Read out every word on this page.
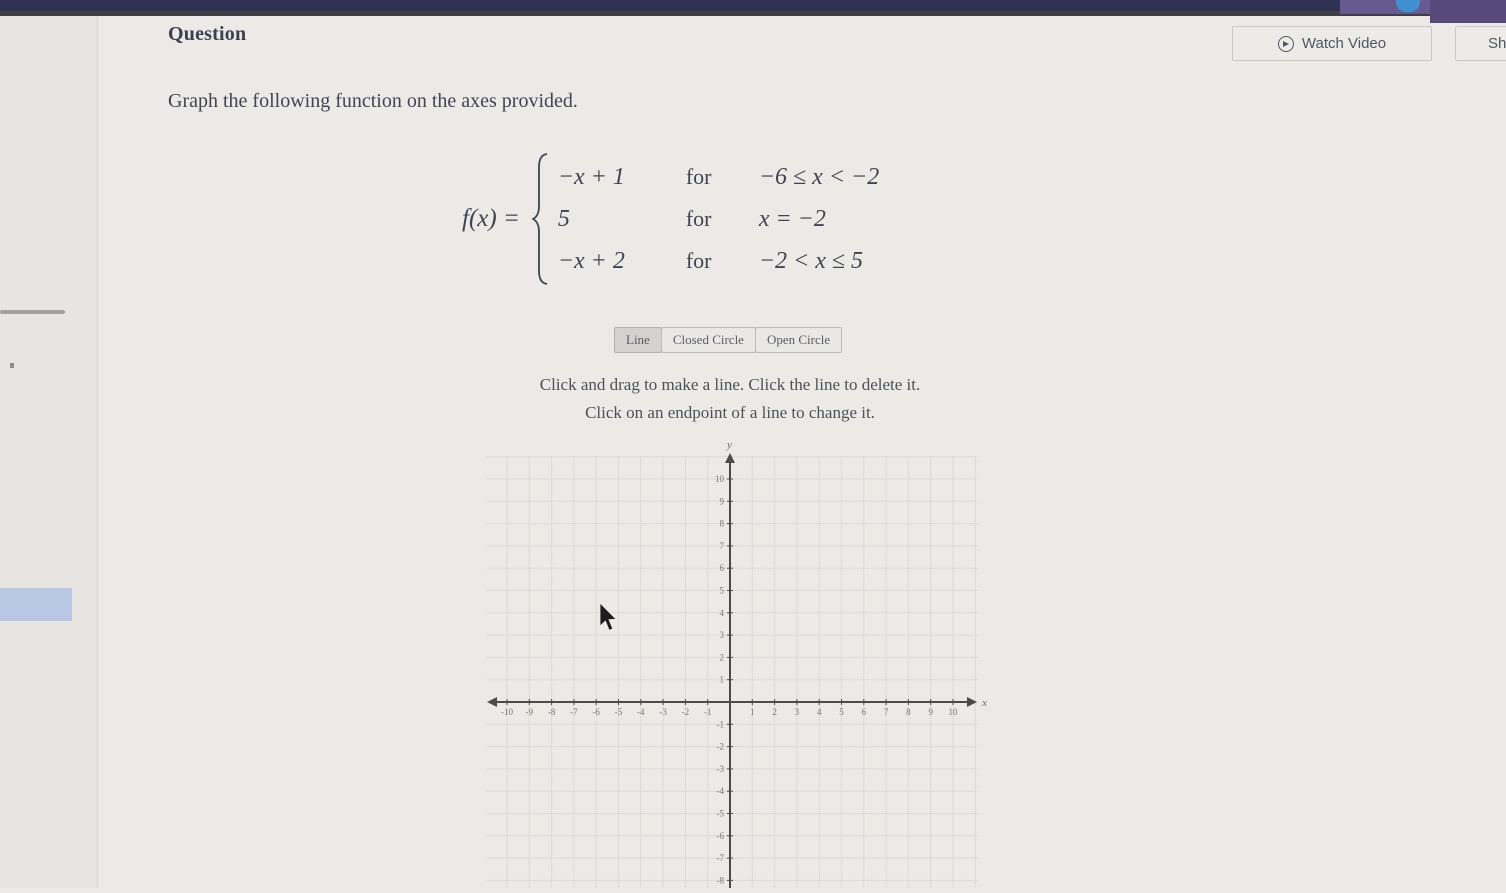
Question	Watch Video	Sh
Graph the following function on the axes provided.
f(x) =
−x + 1	for	−6 ≤ x < −2
5	for	x = −2
−x + 2	for	−2 < x ≤ 5
Line	Closed Circle	Open Circle
Click and drag to make a line. Click the line to delete it.
Click on an endpoint of a line to change it.
-10 -9 -8 -7 -6 -5 -4 -3 -2 -1	1 2 3 4 5 6 7 8 9 10
10
9
8
7
6
5
4
3
2
1
-1
-2
-3
-4
-5
-6
-7
-8
x
y
